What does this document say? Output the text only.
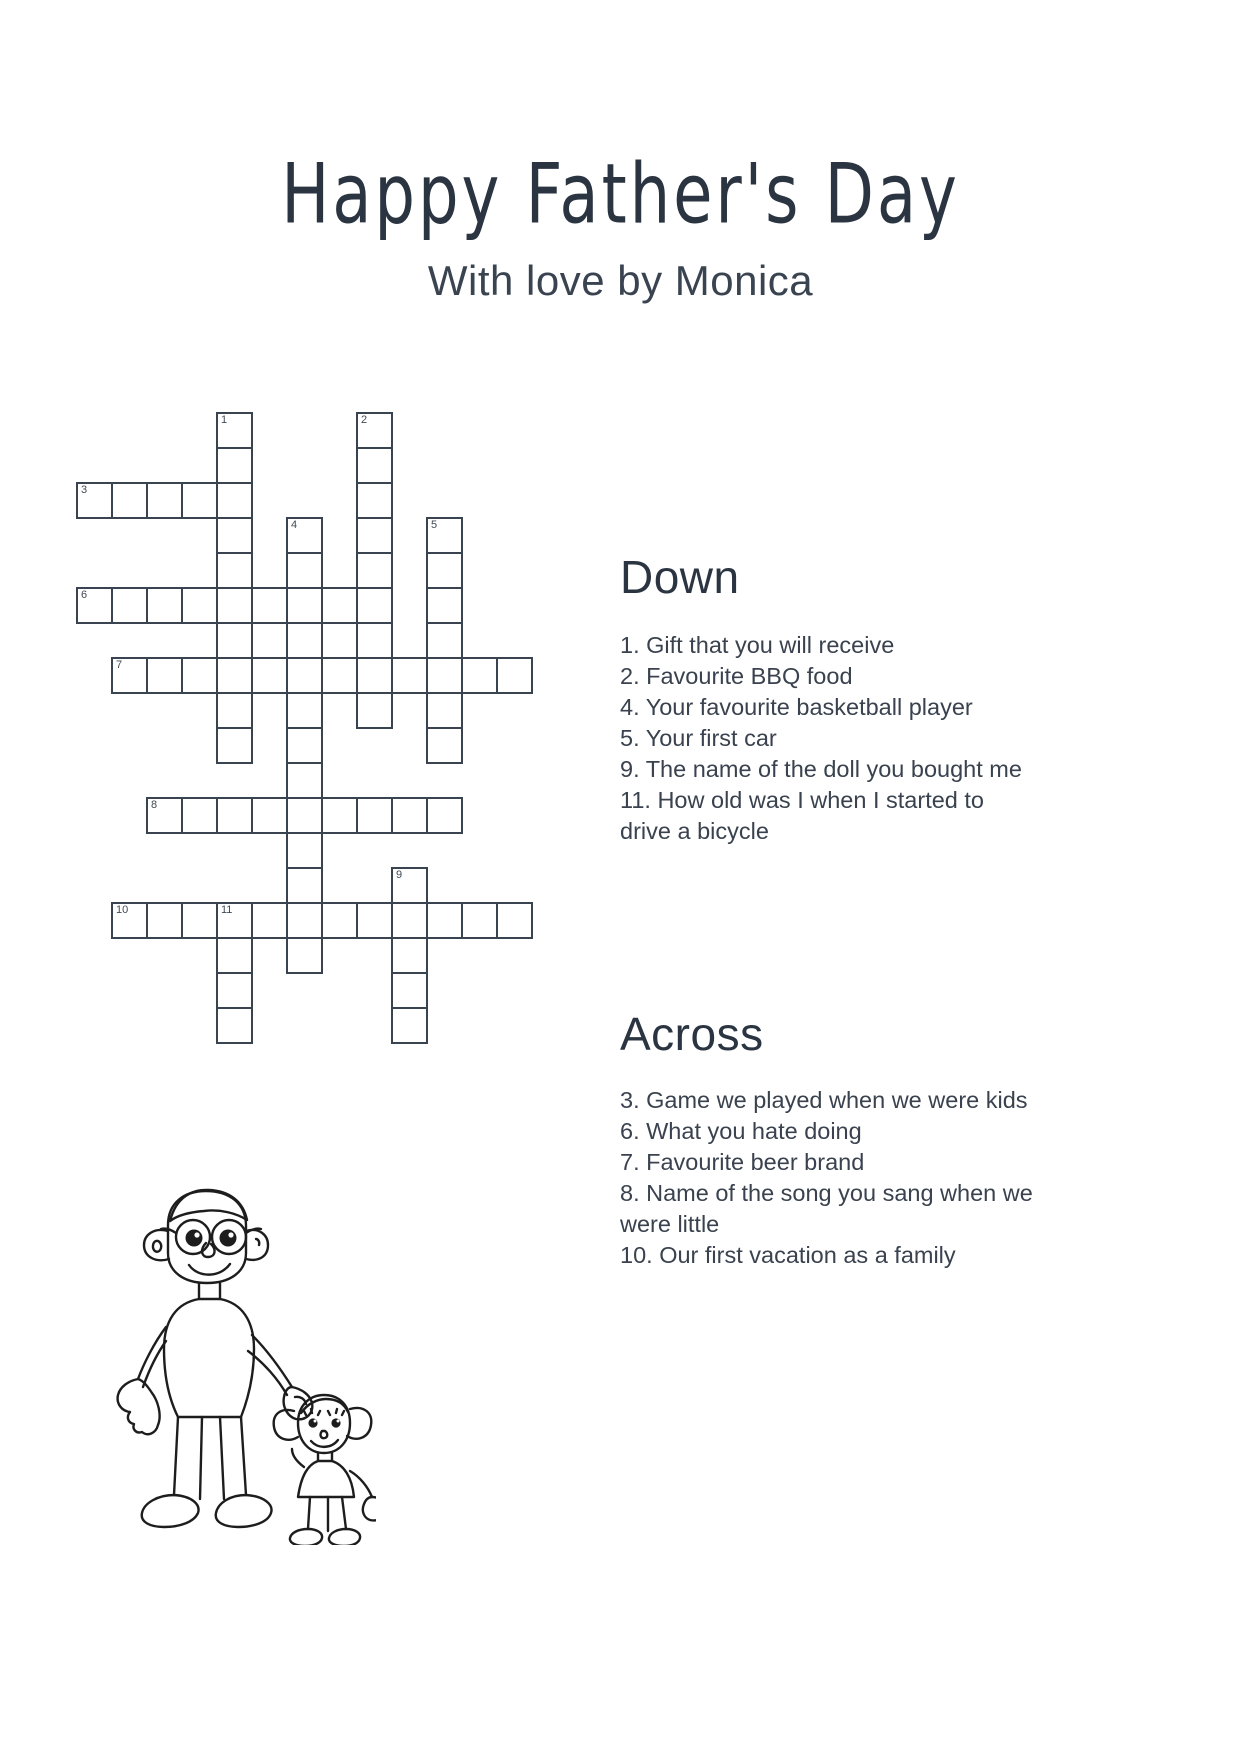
Happy Father's Day

With love by Monica

1	2
3
4	5
6
7
8
9
10	11
Down
1. Gift that you will receive
2. Favourite BBQ food
4. Your favourite basketball player
5. Your first car
9. The name of the doll you bought me
11. How old was I when I started to drive a bicycle
Across
3. Game we played when we were kids
6. What you hate doing
7. Favourite beer brand
8. Name of the song you sang when we were little
10. Our first vacation as a family
